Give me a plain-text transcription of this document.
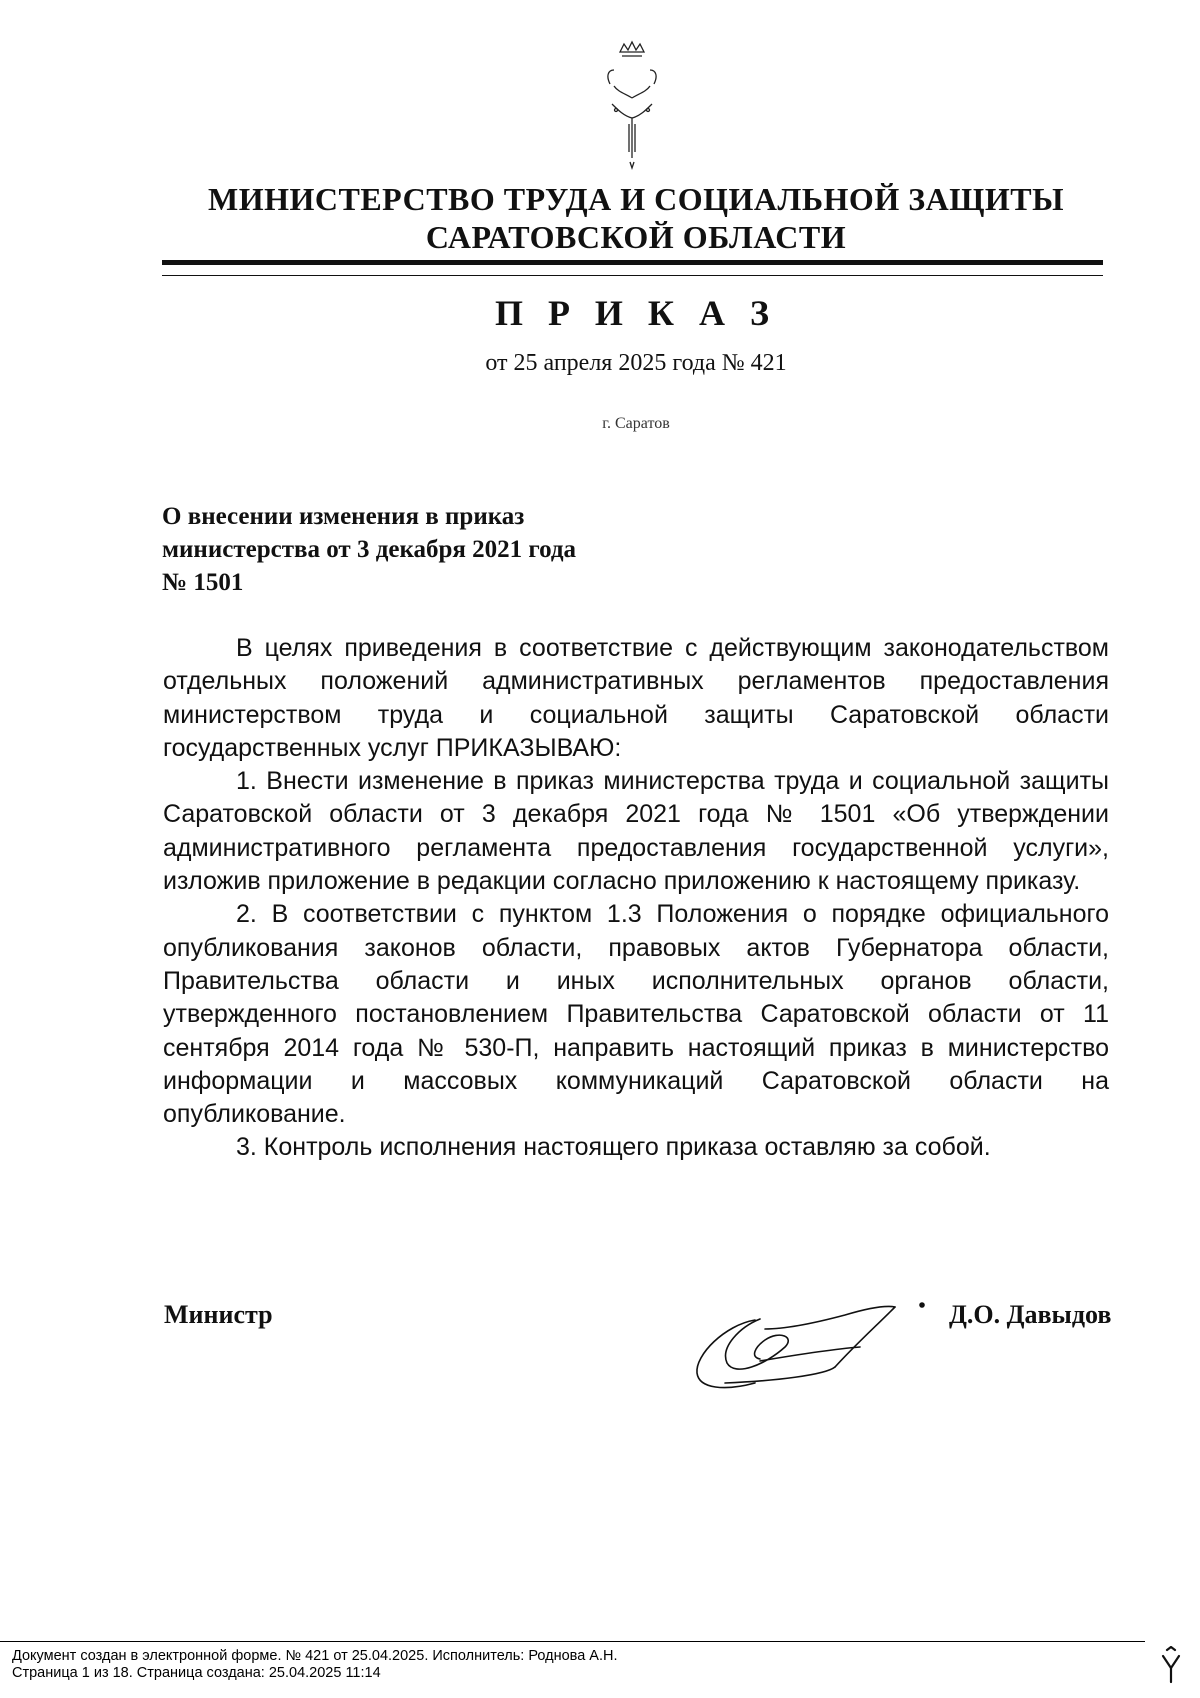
МИНИСТЕРСТВО ТРУДА И СОЦИАЛЬНОЙ ЗАЩИТЫ
САРАТОВСКОЙ ОБЛАСТИ
П Р И К А З
от 25 апреля 2025 года № 421
г. Саратов
О внесении изменения в приказ
министерства от 3 декабря 2021 года
№ 1501

В целях приведения в соответствие с действующим законодательством отдельных положений административных регламентов предоставления министерством труда и социальной защиты Саратовской области государственных услуг ПРИКАЗЫВАЮ:

1. Внести изменение в приказ министерства труда и социальной защиты Саратовской области от 3 декабря 2021 года № 1501 «Об утверждении административного регламента предоставления государственной услуги», изложив приложение в редакции согласно приложению к настоящему приказу.

2. В соответствии с пунктом 1.3 Положения о порядке официального опубликования законов области, правовых актов Губернатора области, Правительства области и иных исполнительных органов области, утвержденного постановлением Правительства Саратовской области от 11 сентября 2014 года № 530-П, направить настоящий приказ в министерство информации и массовых коммуникаций Саратовской области на опубликование.

3. Контроль исполнения настоящего приказа оставляю за собой.

Министр	Д.О. Давыдов
Документ создан в электронной форме. № 421 от 25.04.2025. Исполнитель: Роднова А.Н.
Страница 1 из 18. Страница создана: 25.04.2025 11:14
